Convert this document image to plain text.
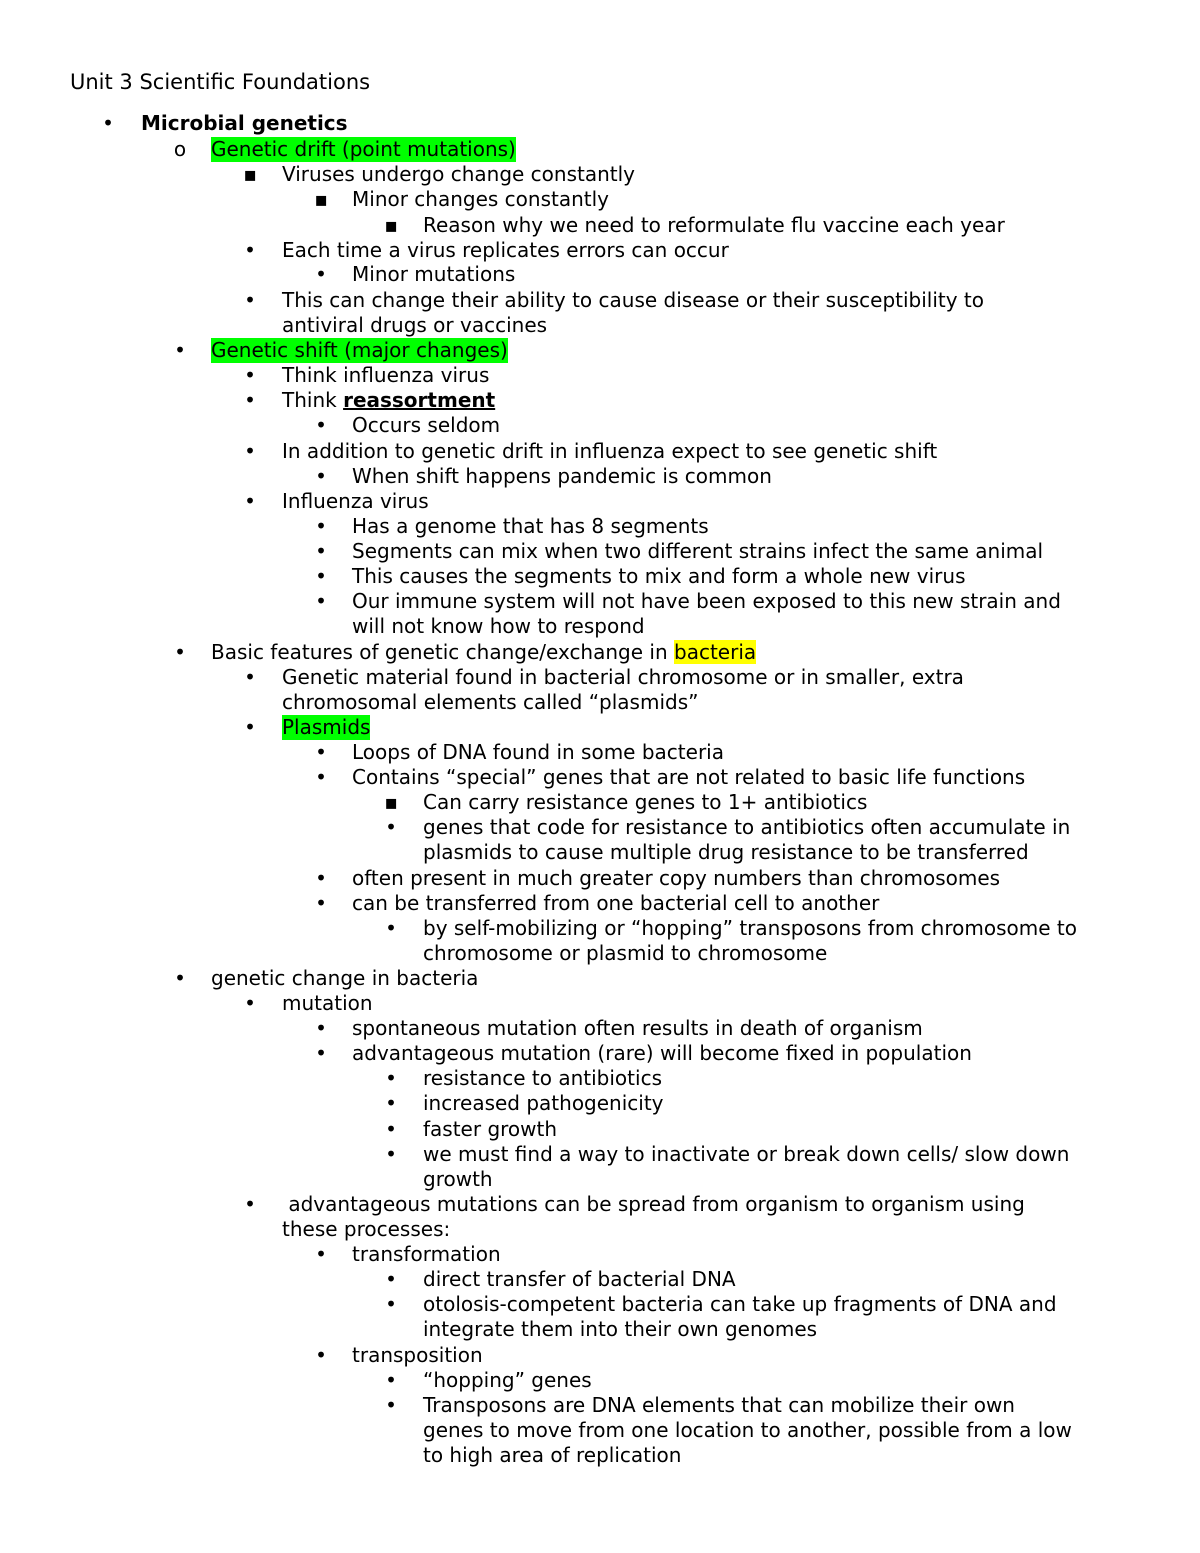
Unit 3 Scientific Foundations
• Microbial genetics
o Genetic drift (point mutations)
▪ Viruses undergo change constantly
▪ Minor changes constantly
▪ Reason why we need to reformulate flu vaccine each year
• Each time a virus replicates errors can occur
• Minor mutations
• This can change their ability to cause disease or their susceptibility to
antiviral drugs or vaccines
• Genetic shift (major changes)
• Think influenza virus
• Think reassortment
• Occurs seldom
• In addition to genetic drift in influenza expect to see genetic shift
• When shift happens pandemic is common
• Influenza virus
• Has a genome that has 8 segments
• Segments can mix when two different strains infect the same animal
• This causes the segments to mix and form a whole new virus
• Our immune system will not have been exposed to this new strain and
will not know how to respond
• Basic features of genetic change/exchange in bacteria
• Genetic material found in bacterial chromosome or in smaller, extra
chromosomal elements called “plasmids”
• Plasmids
• Loops of DNA found in some bacteria
• Contains “special” genes that are not related to basic life functions
▪ Can carry resistance genes to 1+ antibiotics
• genes that code for resistance to antibiotics often accumulate in
plasmids to cause multiple drug resistance to be transferred
• often present in much greater copy numbers than chromosomes
• can be transferred from one bacterial cell to another
• by self-mobilizing or “hopping” transposons from chromosome to
chromosome or plasmid to chromosome
• genetic change in bacteria
• mutation
• spontaneous mutation often results in death of organism
• advantageous mutation (rare) will become fixed in population
• resistance to antibiotics
• increased pathogenicity
• faster growth
• we must find a way to inactivate or break down cells/ slow down
growth
• advantageous mutations can be spread from organism to organism using
these processes:
• transformation
• direct transfer of bacterial DNA
• otolosis-competent bacteria can take up fragments of DNA and
integrate them into their own genomes
• transposition
• “hopping” genes
• Transposons are DNA elements that can mobilize their own
genes to move from one location to another, possible from a low
to high area of replication
